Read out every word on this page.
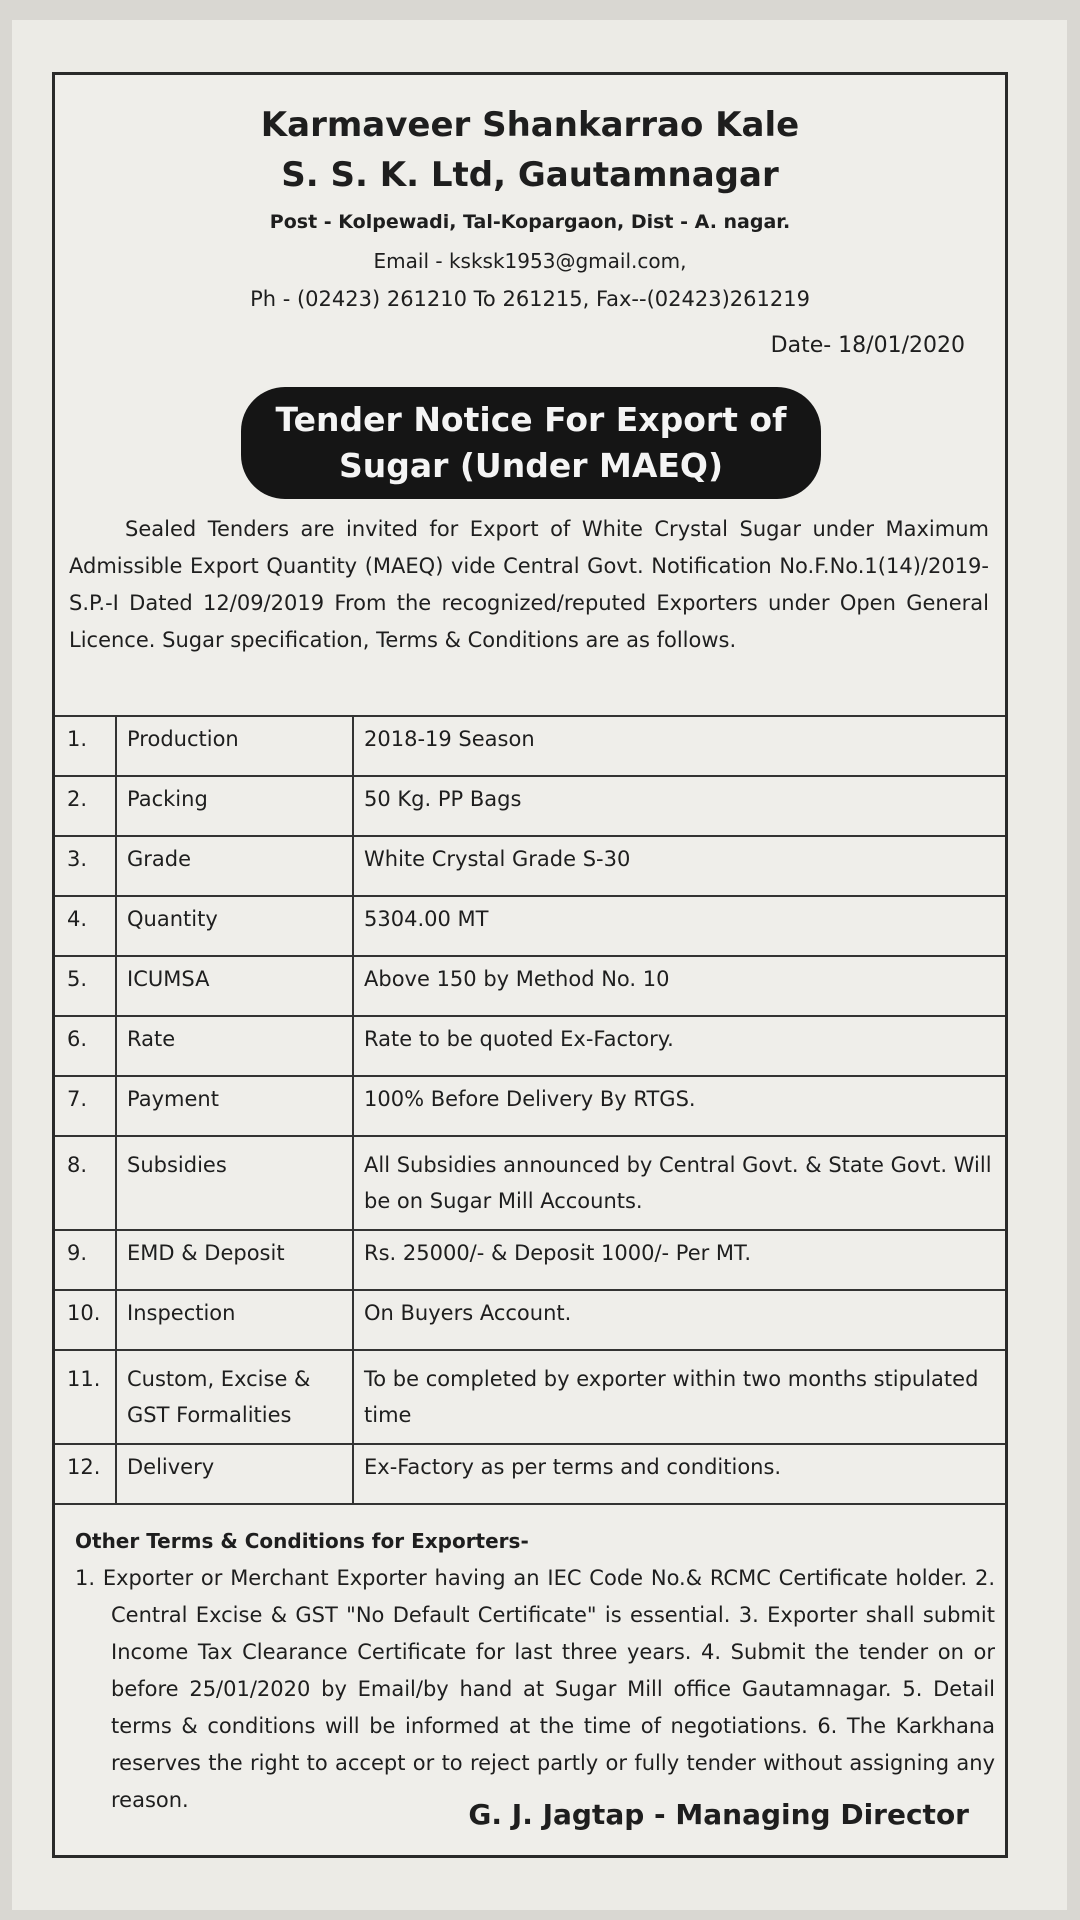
Karmaveer Shankarrao Kale
S. S. K. Ltd, Gautamnagar
Post - Kolpewadi, Tal-Kopargaon, Dist - A. nagar.
Email - ksksk1953@gmail.com,
Ph - (02423) 261210 To 261215, Fax--(02423)261219
Date- 18/01/2020
Tender Notice For Export of
Sugar (Under MAEQ)
Sealed Tenders are invited for Export of White Crystal Sugar under Maximum Admissible Export Quantity (MAEQ) vide Central Govt. Notification No.F.No.1(14)/2019-S.P.-I Dated 12/09/2019 From the recognized/reputed Exporters under Open General Licence. Sugar specification, Terms & Conditions are as follows.
1.	Production	2018-19 Season
2.	Packing	50 Kg. PP Bags
3.	Grade	White Crystal Grade S-30
4.	Quantity	5304.00 MT
5.	ICUMSA	Above 150 by Method No. 10
6.	Rate	Rate to be quoted Ex-Factory.
7.	Payment	100% Before Delivery By RTGS.
8.	Subsidies	All Subsidies announced by Central Govt. & State Govt. Will be on Sugar Mill Accounts.
9.	EMD & Deposit	Rs. 25000/- & Deposit 1000/- Per MT.
10.	Inspection	On Buyers Account.
11.	Custom, Excise & GST Formalities	To be completed by exporter within two months stipulated time
12.	Delivery	Ex-Factory as per terms and conditions.
Other Terms & Conditions for Exporters-
1. Exporter or Merchant Exporter having an IEC Code No.& RCMC Certificate holder. 2. Central Excise & GST "No Default Certificate" is essential. 3. Exporter shall submit Income Tax Clearance Certificate for last three years. 4. Submit the tender on or before 25/01/2020 by Email/by hand at Sugar Mill office Gautamnagar. 5. Detail terms & conditions will be informed at the time of negotiations. 6. The Karkhana reserves the right to accept or to reject partly or fully tender without assigning any reason.	G. J. Jagtap - Managing Director
